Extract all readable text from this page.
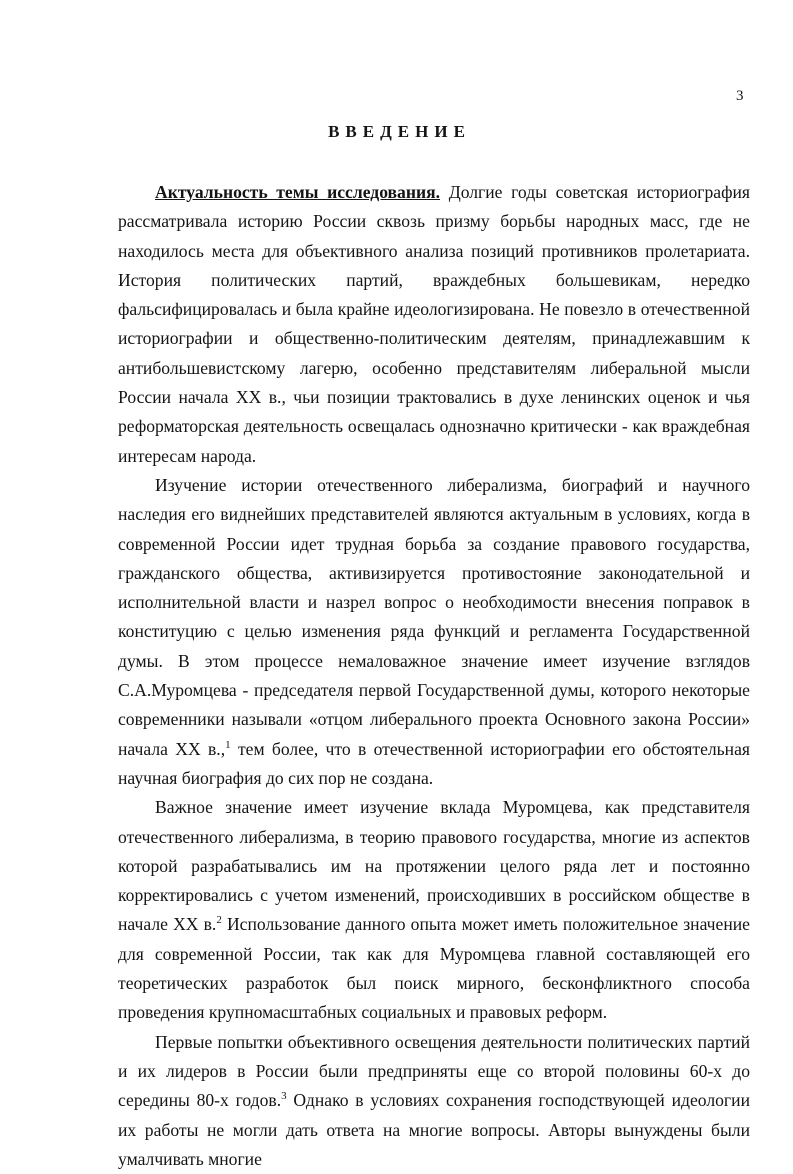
3
ВВЕДЕНИЕ

Актуальность темы исследования. Долгие годы советская историография рассматривала историю России сквозь призму борьбы народных масс, где не находилось места для объективного анализа позиций противников пролетариата. История политических партий, враждебных большевикам, нередко фальсифицировалась и была крайне идеологизирована. Не повезло в отечественной историографии и общественно-политическим деятелям, принадлежавшим к антибольшевистскому лагерю, особенно представителям либеральной мысли России начала XX в., чьи позиции трактовались в духе ленинских оценок и чья реформаторская деятельность освещалась однозначно критически - как враждебная интересам народа.

Изучение истории отечественного либерализма, биографий и научного наследия его виднейших представителей являются актуальным в условиях, когда в современной России идет трудная борьба за создание правового государства, гражданского общества, активизируется противостояние законодательной и исполнительной власти и назрел вопрос о необходимости внесения поправок в конституцию с целью изменения ряда функций и регламента Государственной думы. В этом процессе немаловажное значение имеет изучение взглядов С.А.Муромцева - председателя первой Государственной думы, которого некоторые современники называли «отцом либерального проекта Основного закона России» начала XX в.,$^1$ тем более, что в отечественной историографии его обстоятельная научная биография до сих пор не создана.

Важное значение имеет изучение вклада Муромцева, как представителя отечественного либерализма, в теорию правового государства, многие из аспектов которой разрабатывались им на протяжении целого ряда лет и постоянно корректировались с учетом изменений, происходивших в российском обществе в начале XX в.$^2$ Использование данного опыта может иметь положительное значение для современной России, так как для Муромцева главной составляющей его теоретических разработок был поиск мирного, бесконфликтного способа проведения крупномасштабных социальных и правовых реформ.

Первые попытки объективного освещения деятельности политических партий и их лидеров в России были предприняты еще со второй половины 60-х до середины 80-х годов.$^3$ Однако в условиях сохранения господствующей идеологии их работы не могли дать ответа на многие вопросы. Авторы вынуждены были умалчивать многие
